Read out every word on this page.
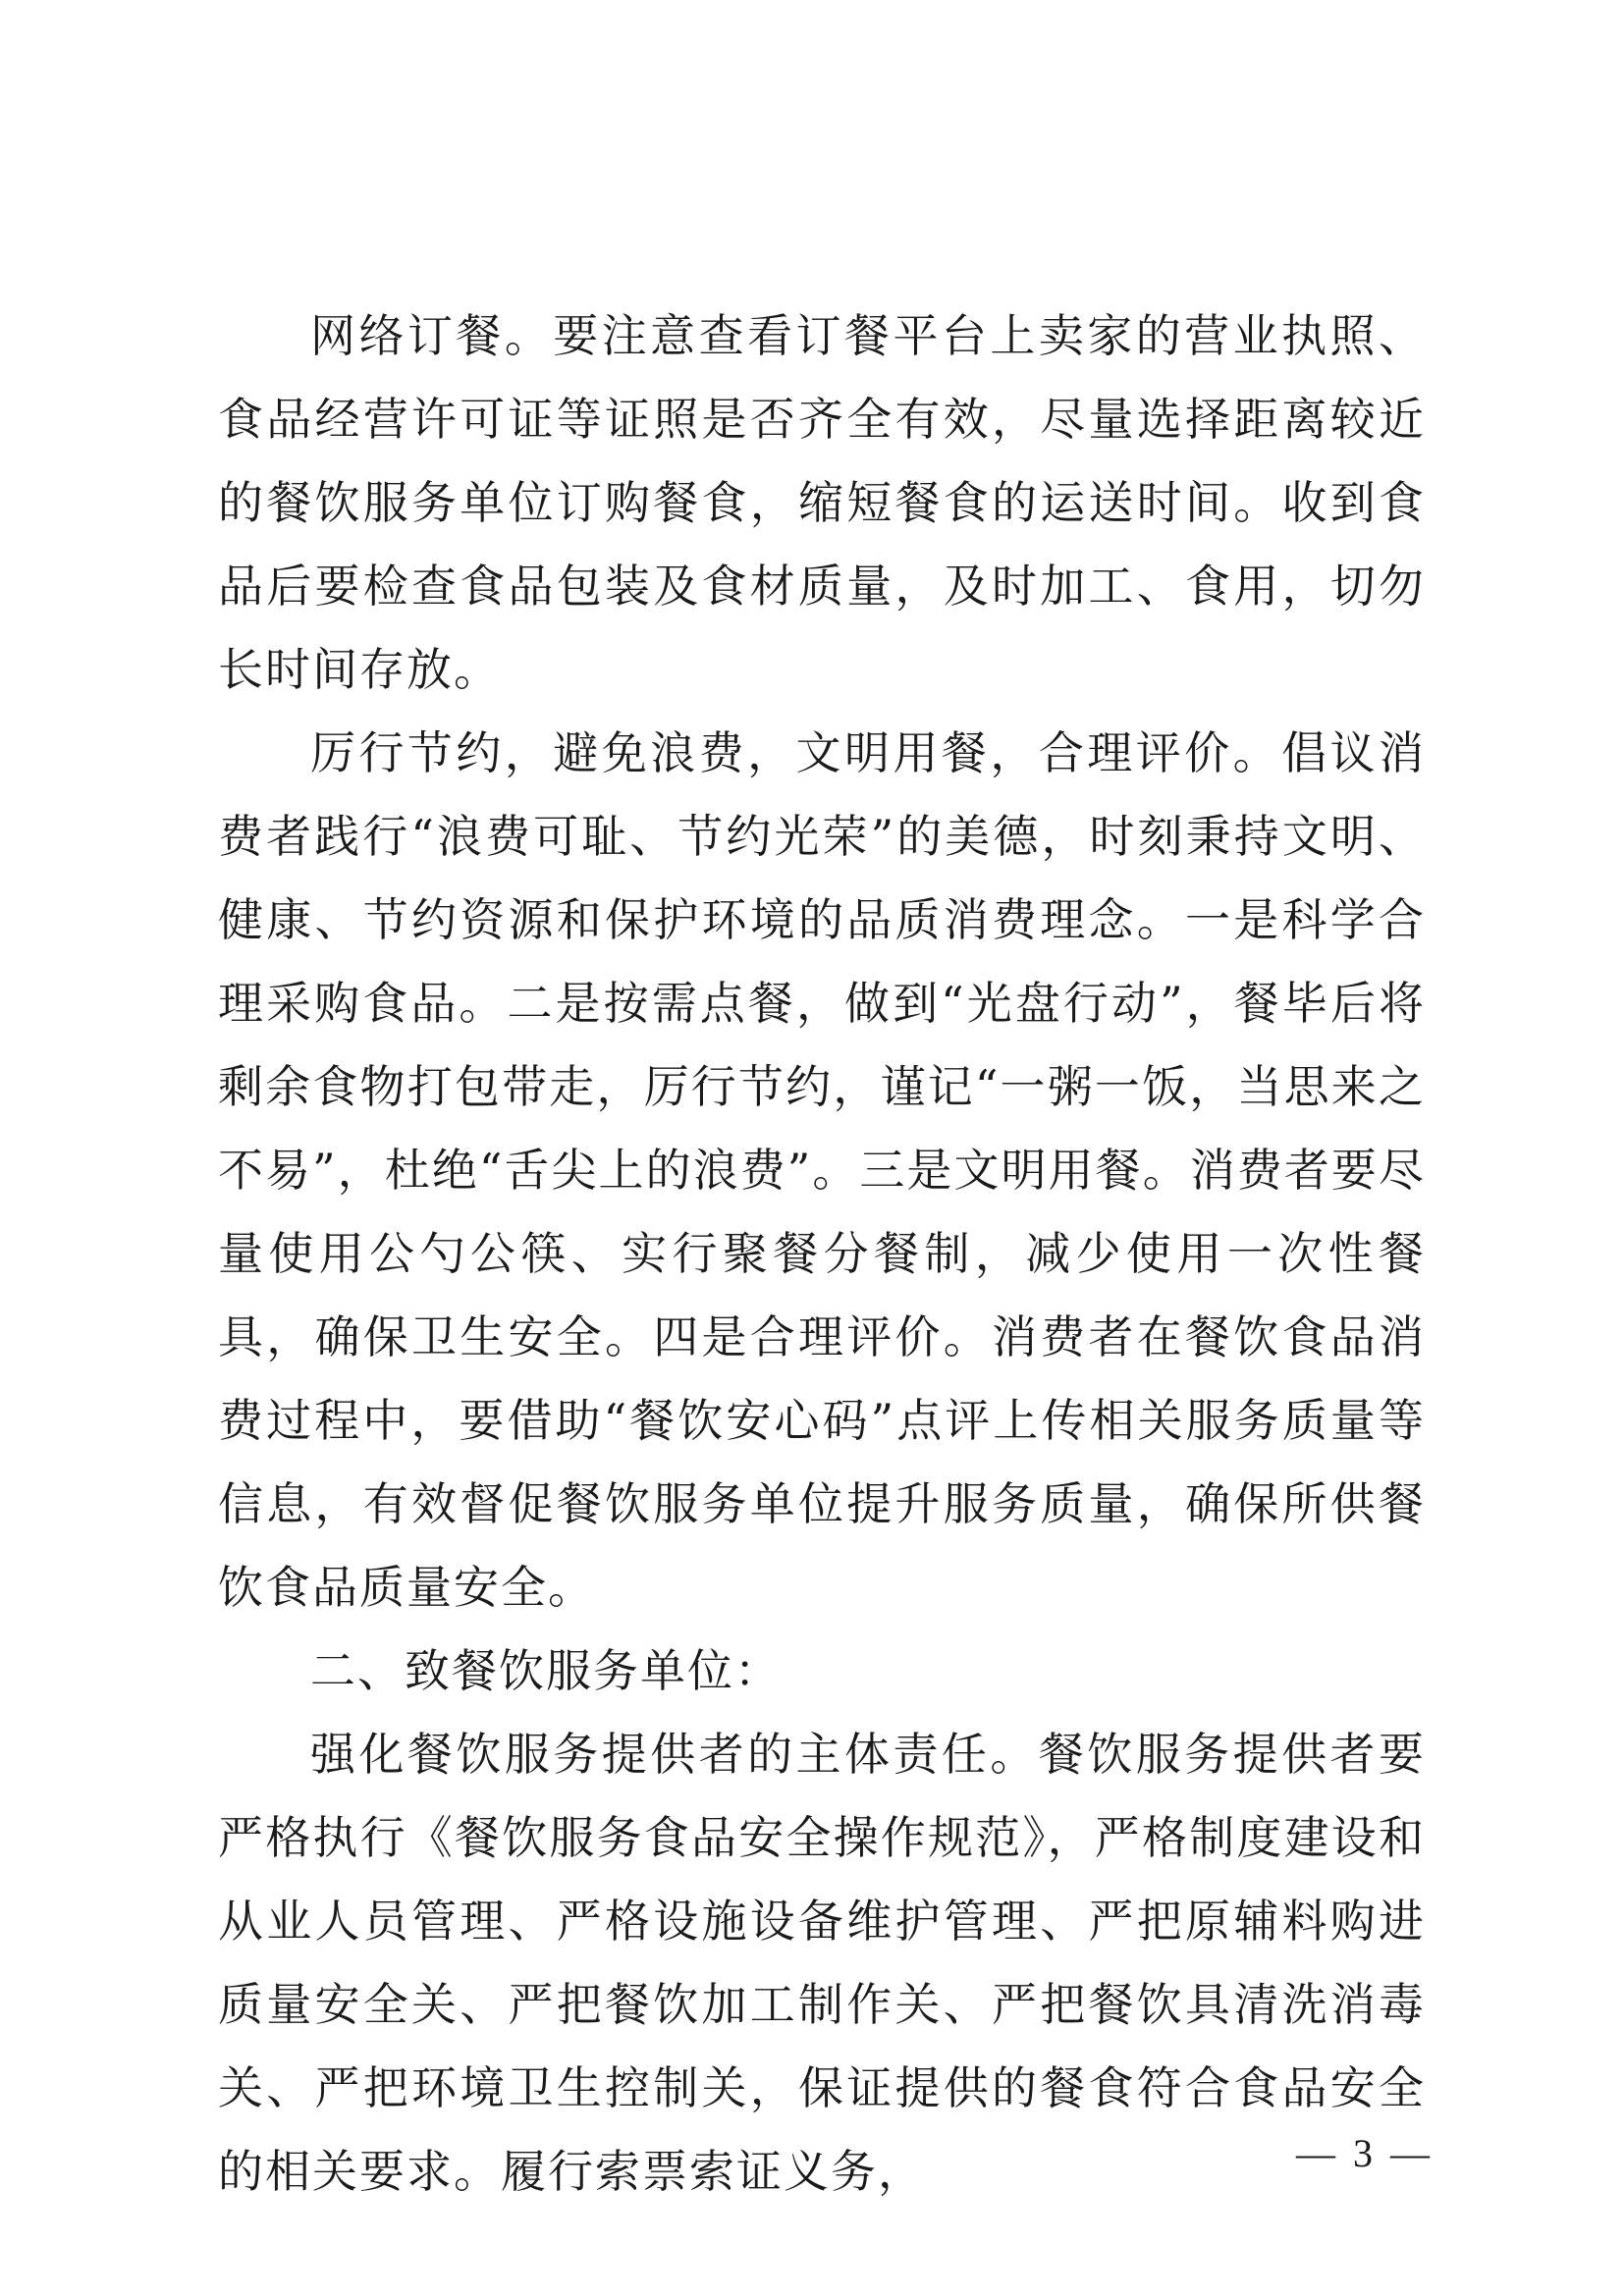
网络订餐。要注意查看订餐平台上卖家的营业执照、食品经营许可证等证照是否齐全有效，尽量选择距离较近的餐饮服务单位订购餐食，缩短餐食的运送时间。收到食品后要检查食品包装及食材质量，及时加工、食用，切勿长时间存放。

厉行节约，避免浪费，文明用餐，合理评价。倡议消费者践行“浪费可耻、节约光荣”的美德，时刻秉持文明、健康、节约资源和保护环境的品质消费理念。一是科学合理采购食品。二是按需点餐，做到“光盘行动”，餐毕后将剩余食物打包带走，厉行节约，谨记“一粥一饭，当思来之不易”，杜绝“舌尖上的浪费”。三是文明用餐。消费者要尽量使用公勺公筷、实行聚餐分餐制，减少使用一次性餐具，确保卫生安全。四是合理评价。消费者在餐饮食品消费过程中，要借助“餐饮安心码”点评上传相关服务质量等信息，有效督促餐饮服务单位提升服务质量，确保所供餐饮食品质量安全。

二、致餐饮服务单位：

强化餐饮服务提供者的主体责任。餐饮服务提供者要严格执行《餐饮服务食品安全操作规范》，严格制度建设和从业人员管理、严格设施设备维护管理、严把原辅料购进质量安全关、严把餐饮加工制作关、严把餐饮具清洗消毒关、严把环境卫生控制关，保证提供的餐食符合食品安全的相关要求。履行索票索证义务，	— 3 —
